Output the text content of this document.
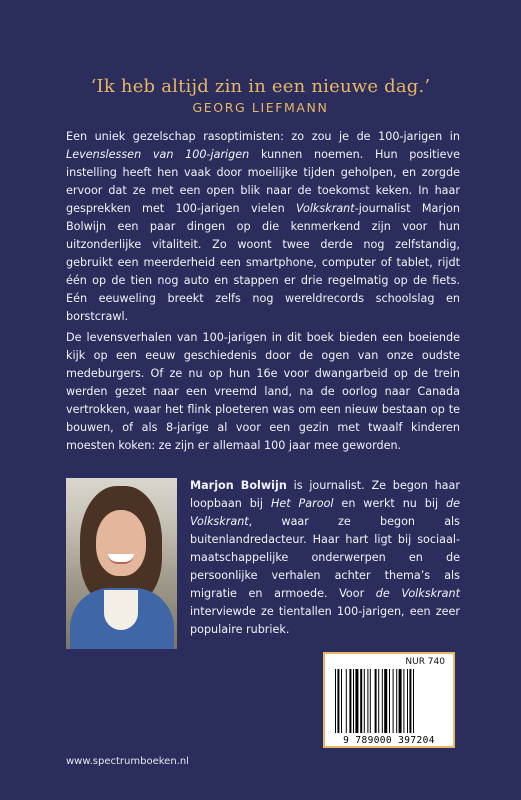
‘Ik heb altijd zin in een nieuwe dag.’
GEORG LIEFMANN
Een uniek gezelschap rasoptimisten: zo zou je de 100-jarigen in Levenslessen van 100-jarigen kunnen noemen. Hun positieve instelling heeft hen vaak door moeilijke tijden geholpen, en zorgde ervoor dat ze met een open blik naar de toekomst keken. In haar gesprekken met 100-jarigen vielen Volkskrant-journalist Marjon Bolwijn een paar dingen op die kenmerkend zijn voor hun uitzonderlijke vitaliteit. Zo woont twee derde nog zelfstandig, gebruikt een meerderheid een smartphone, computer of tablet, rijdt één op de tien nog auto en stappen er drie regelmatig op de fiets. Eén eeuweling breekt zelfs nog wereldrecords schoolslag en borstcrawl.
De levensverhalen van 100-jarigen in dit boek bieden een boeiende kijk op een eeuw geschiedenis door de ogen van onze oudste medeburgers. Of ze nu op hun 16e voor dwangarbeid op de trein werden gezet naar een vreemd land, na de oorlog naar Canada vertrokken, waar het flink ploeteren was om een nieuw bestaan op te bouwen, of als 8-jarige al voor een gezin met twaalf kinderen moesten koken: ze zijn er allemaal 100 jaar mee geworden.
Marjon Bolwijn is journalist. Ze begon haar loopbaan bij Het Parool en werkt nu bij de Volkskrant, waar ze begon als buitenlandredacteur. Haar hart ligt bij sociaal-maatschappelijke onderwerpen en de persoonlijke verhalen achter thema’s als migratie en armoede. Voor de Volkskrant interviewde ze tientallen 100-jarigen, een zeer populaire rubriek.
NUR 740
9 789000 397204
www.spectrumboeken.nl
